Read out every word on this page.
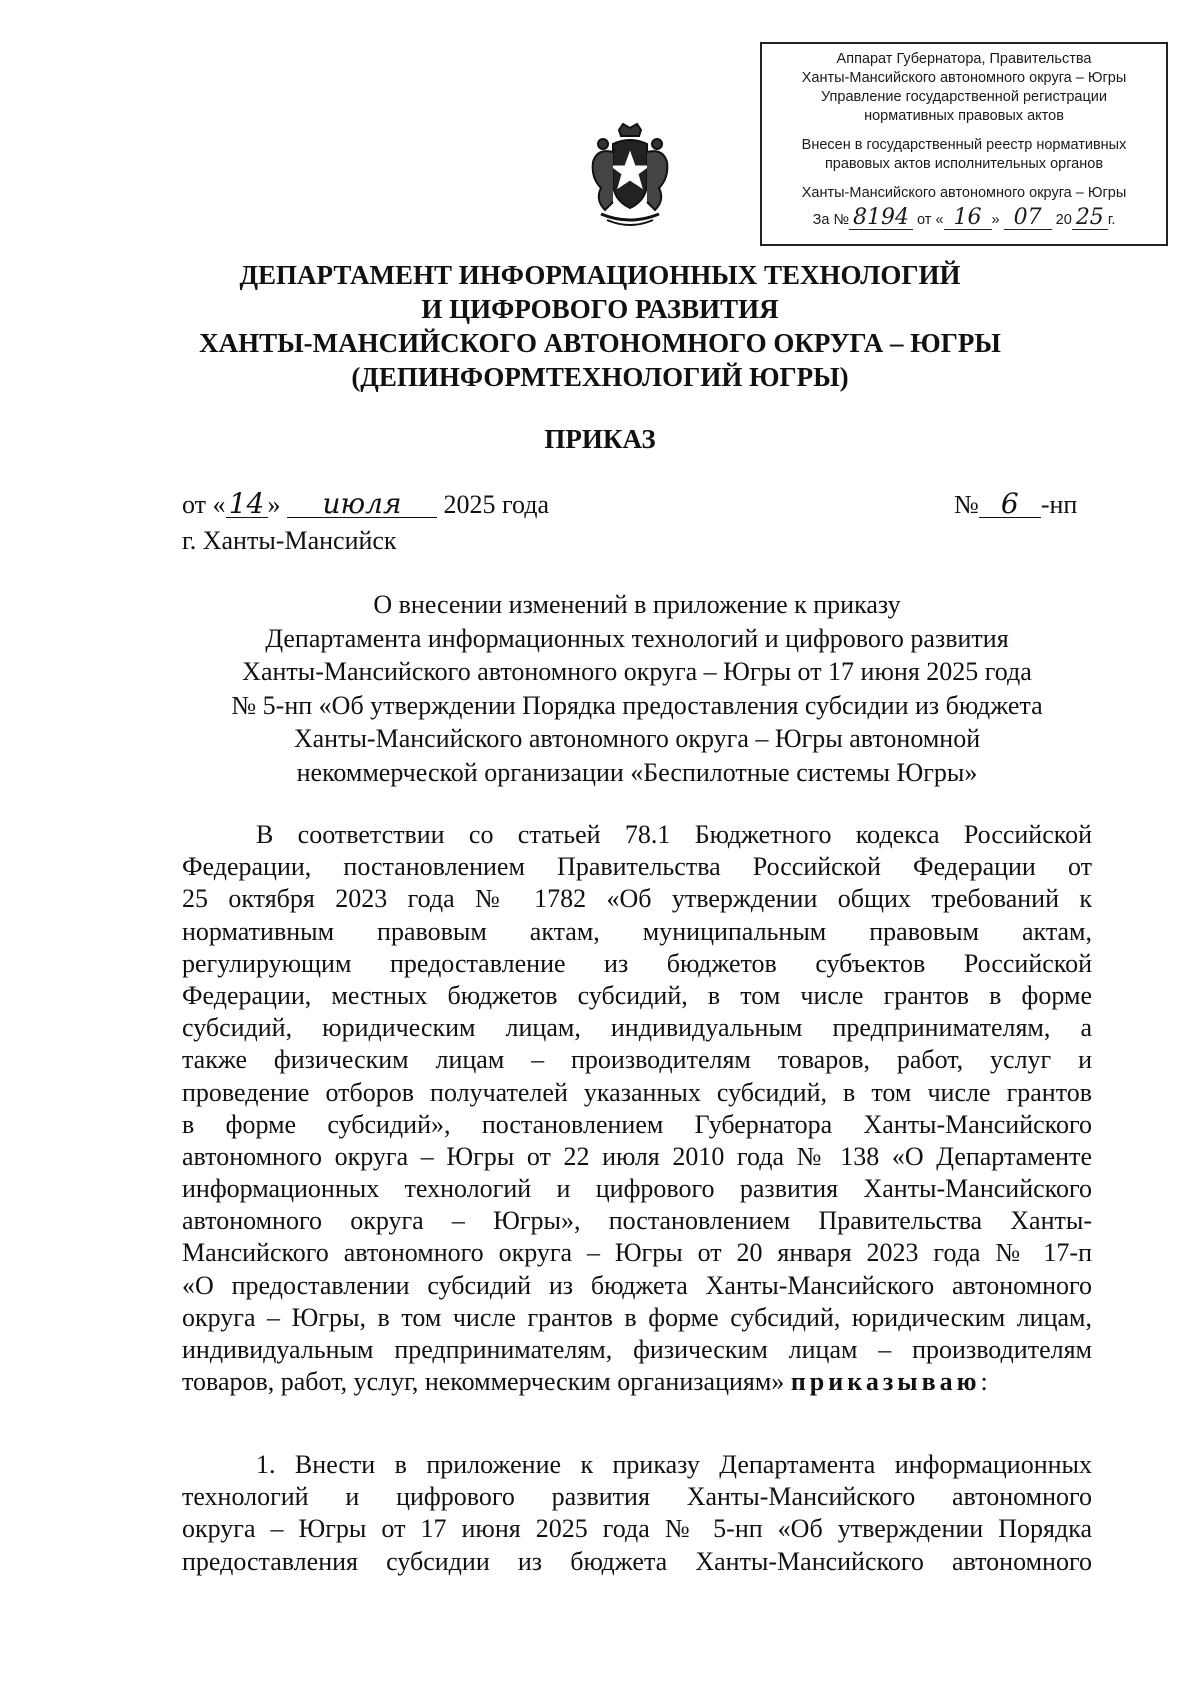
Аппарат Губернатора, Правительства
Ханты-Мансийского автономного округа – Югры
Управление государственной регистрации
нормативных правовых актов
Внесен в государственный реестр нормативных
правовых актов исполнительных органов
Ханты-Мансийского автономного округа – Югры
За № 8194 от « 16 » 07 20 25 г.
ДЕПАРТАМЕНТ ИНФОРМАЦИОННЫХ ТЕХНОЛОГИЙ
И ЦИФРОВОГО РАЗВИТИЯ
ХАНТЫ-МАНСИЙСКОГО АВТОНОМНОГО ОКРУГА – ЮГРЫ
(ДЕПИНФОРМТЕХНОЛОГИЙ ЮГРЫ)
ПРИКАЗ
от « 14 » июля 2025 года	№ 6 -нп
г. Ханты-Мансийск
О внесении изменений в приложение к приказу
Департамента информационных технологий и цифрового развития
Ханты-Мансийского автономного округа – Югры от 17 июня 2025 года
№ 5-нп «Об утверждении Порядка предоставления субсидии из бюджета
Ханты-Мансийского автономного округа – Югры автономной
некоммерческой организации «Беспилотные системы Югры»
В соответствии со статьей 78.1 Бюджетного кодекса Российской
Федерации, постановлением Правительства Российской Федерации от
25 октября 2023 года № 1782 «Об утверждении общих требований к
нормативным правовым актам, муниципальным правовым актам,
регулирующим предоставление из бюджетов субъектов Российской
Федерации, местных бюджетов субсидий, в том числе грантов в форме
субсидий, юридическим лицам, индивидуальным предпринимателям, а
также физическим лицам – производителям товаров, работ, услуг и
проведение отборов получателей указанных субсидий, в том числе грантов
в форме субсидий», постановлением Губернатора Ханты-Мансийского
автономного округа – Югры от 22 июля 2010 года № 138 «О Департаменте
информационных технологий и цифрового развития Ханты-Мансийского
автономного округа – Югры», постановлением Правительства Ханты-
Мансийского автономного округа – Югры от 20 января 2023 года № 17-п
«О предоставлении субсидий из бюджета Ханты-Мансийского автономного
округа – Югры, в том числе грантов в форме субсидий, юридическим лицам,
индивидуальным предпринимателям, физическим лицам – производителям
товаров, работ, услуг, некоммерческим организациям» приказываю:
1. Внести в приложение к приказу Департамента информационных
технологий и цифрового развития Ханты-Мансийского автономного
округа – Югры от 17 июня 2025 года № 5-нп «Об утверждении Порядка
предоставления субсидии из бюджета Ханты-Мансийского автономного
